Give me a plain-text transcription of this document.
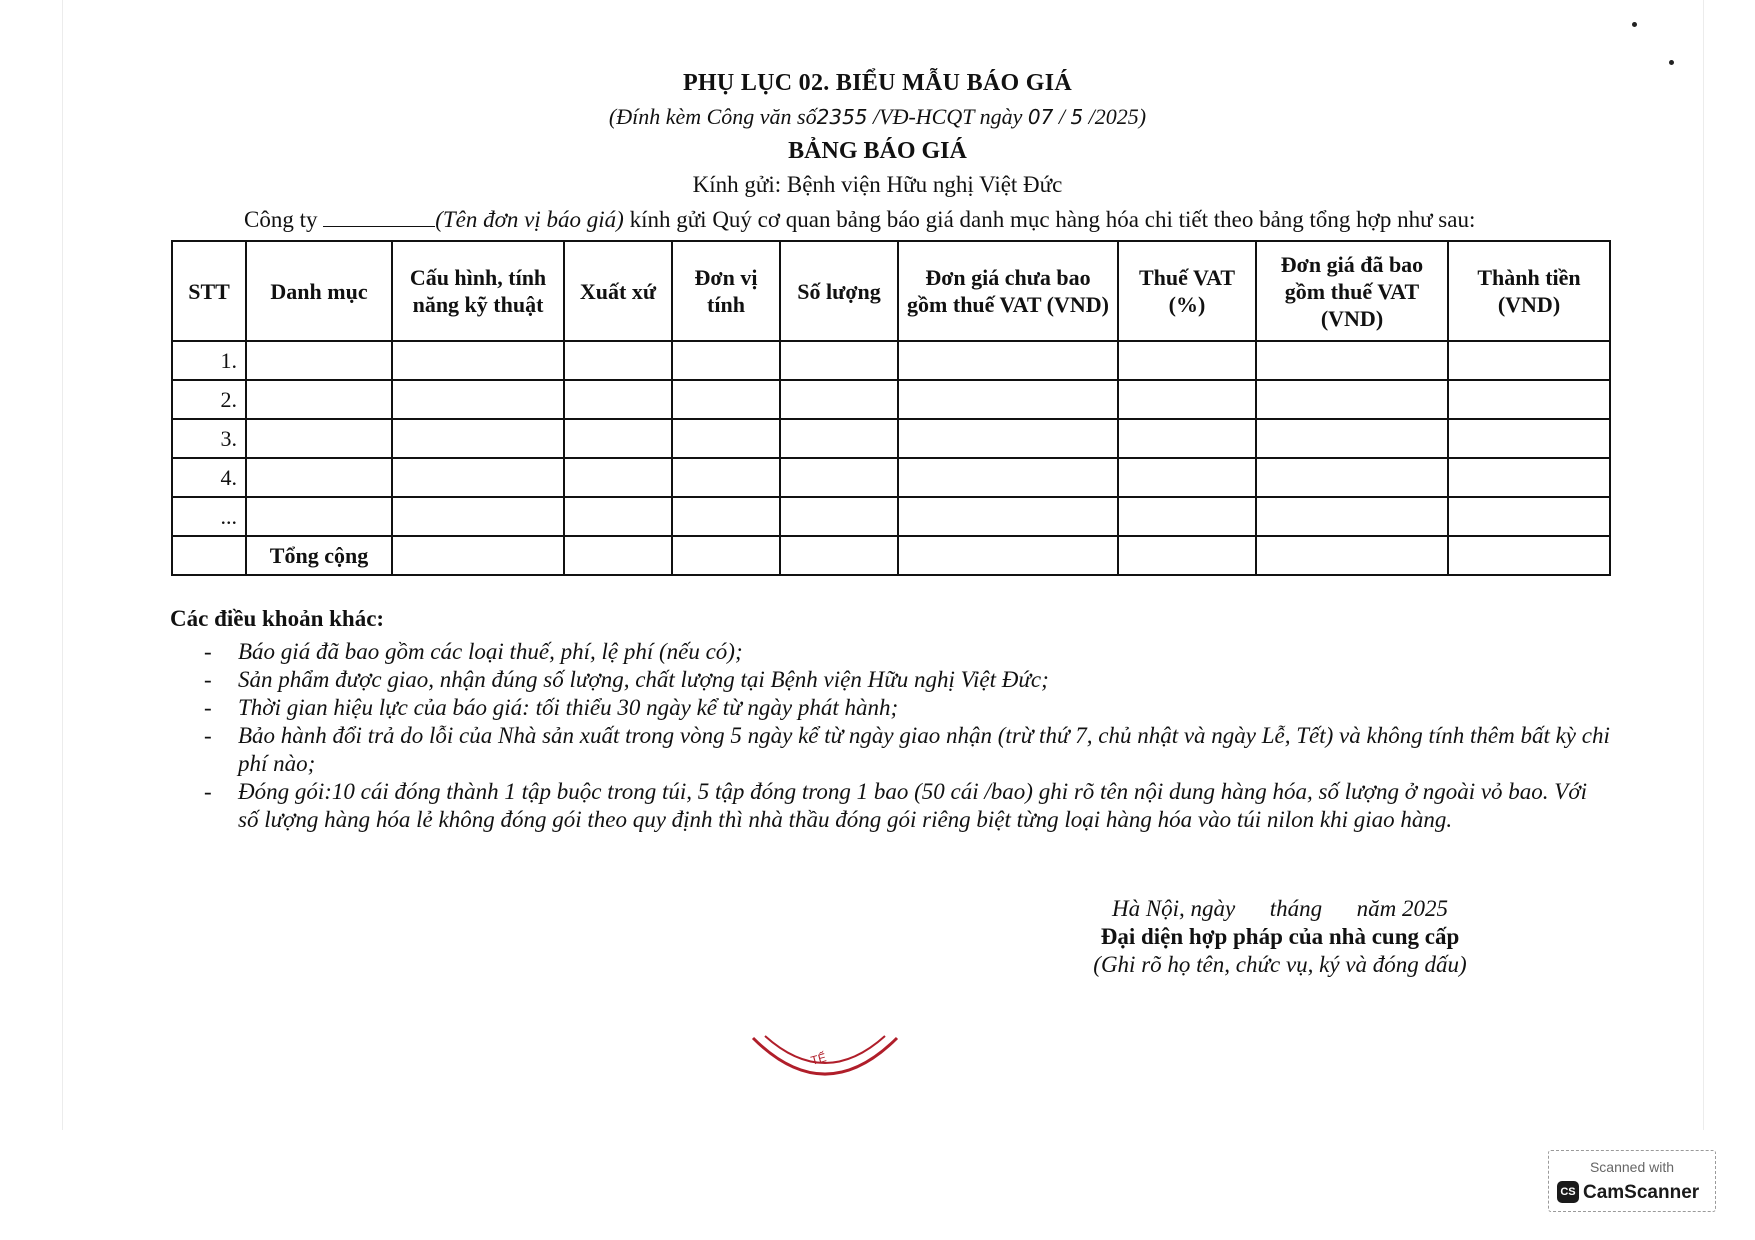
PHỤ LỤC 02. BIỂU MẪU BÁO GIÁ
(Đính kèm Công văn số2355 /VĐ-HCQT ngày 07 / 5 /2025)
BẢNG BÁO GIÁ
Kính gửi: Bệnh viện Hữu nghị Việt Đức
Công ty	(Tên đơn vị báo giá) kính gửi Quý cơ quan bảng báo giá danh mục hàng hóa chi tiết theo bảng tổng hợp như sau:
STT	Danh mục	Cấu hình, tính năng kỹ thuật	Xuất xứ	Đơn vị tính	Số lượng	Đơn giá chưa bao gồm thuế VAT (VND)	Thuế VAT (%)	Đơn giá đã bao gồm thuế VAT (VND)	Thành tiền (VND)
1.									
2.									
3.									
4.									
...									
	Tổng cộng								
Các điều khoản khác:
- Báo giá đã bao gồm các loại thuế, phí, lệ phí (nếu có);
- Sản phẩm được giao, nhận đúng số lượng, chất lượng tại Bệnh viện Hữu nghị Việt Đức;
- Thời gian hiệu lực của báo giá: tối thiểu 30 ngày kể từ ngày phát hành;
- Bảo hành đổi trả do lỗi của Nhà sản xuất trong vòng 5 ngày kể từ ngày giao nhận (trừ thứ 7, chủ nhật và ngày Lễ, Tết) và không tính thêm bất kỳ chi phí nào;
- Đóng gói:10 cái đóng thành 1 tập buộc trong túi, 5 tập đóng trong 1 bao (50 cái /bao) ghi rõ tên nội dung hàng hóa, số lượng ở ngoài vỏ bao. Với số lượng hàng hóa lẻ không đóng gói theo quy định thì nhà thầu đóng gói riêng biệt từng loại hàng hóa vào túi nilon khi giao hàng.
Hà Nội, ngày      tháng      năm 2025
Đại diện hợp pháp của nhà cung cấp
(Ghi rõ họ tên, chức vụ, ký và đóng dấu)
TẾ
Scanned with
CS CamScanner
